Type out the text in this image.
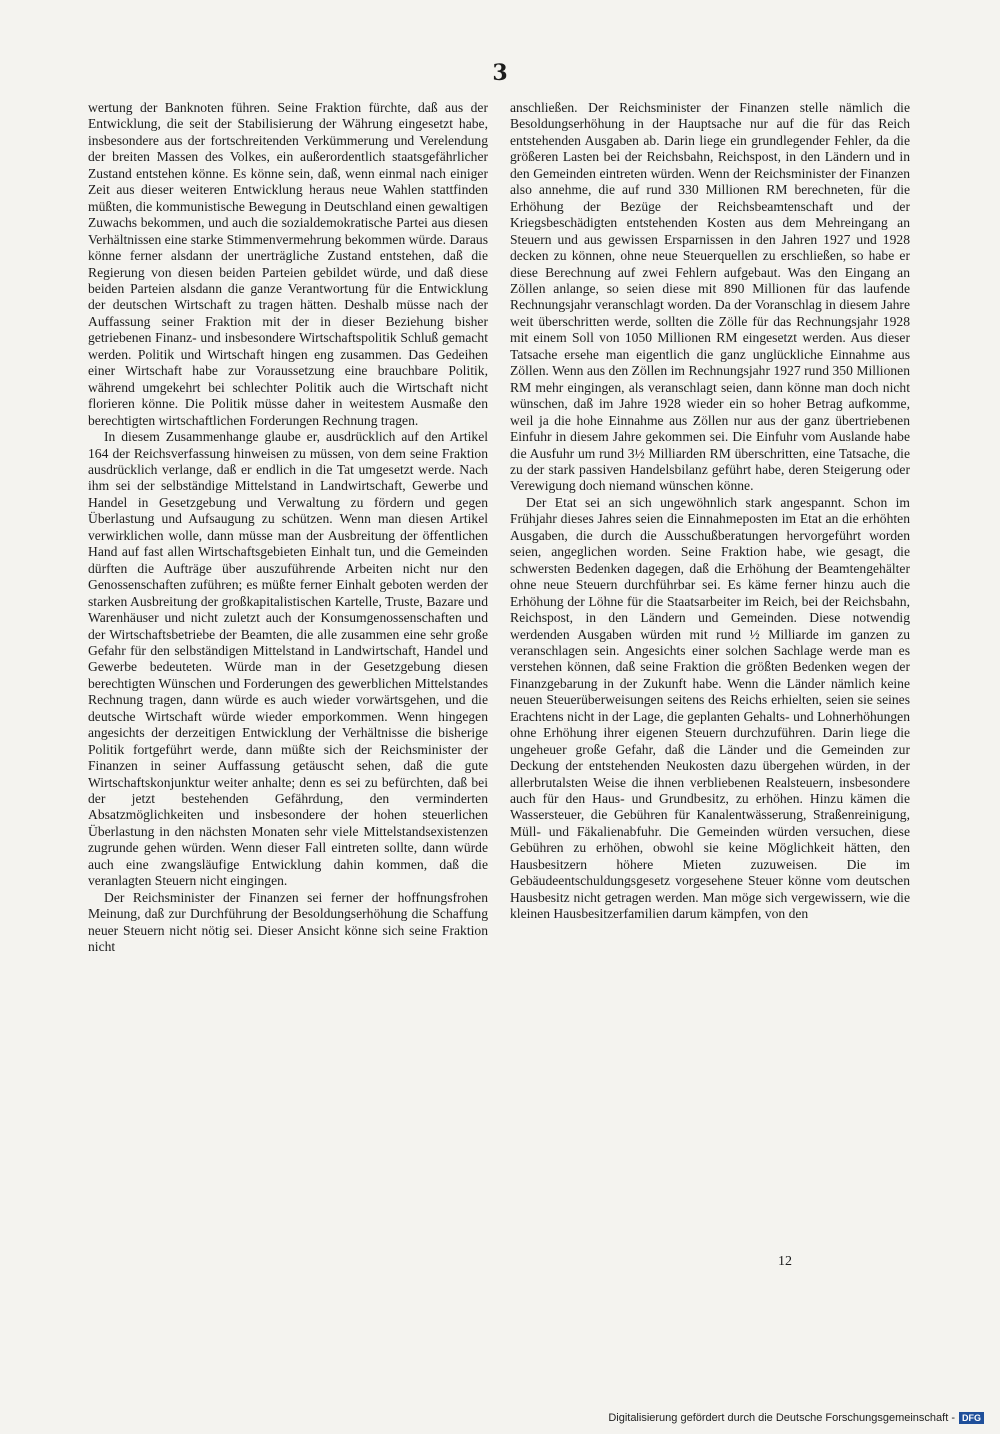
3

wertung der Banknoten führen. Seine Fraktion fürchte, daß aus der Entwicklung, die seit der Stabilisierung der Währung eingesetzt habe, insbesondere aus der fortschreitenden Verkümmerung und Verelendung der breiten Massen des Volkes, ein außerordentlich staatsgefährlicher Zustand entstehen könne. Es könne sein, daß, wenn einmal nach einiger Zeit aus dieser weiteren Entwicklung heraus neue Wahlen stattfinden müßten, die kommunistische Bewegung in Deutschland einen gewaltigen Zuwachs bekommen, und auch die sozialdemokratische Partei aus diesen Verhältnissen eine starke Stimmenvermehrung bekommen würde. Daraus könne ferner alsdann der unerträgliche Zustand entstehen, daß die Regierung von diesen beiden Parteien gebildet würde, und daß diese beiden Parteien alsdann die ganze Verantwortung für die Entwicklung der deutschen Wirtschaft zu tragen hätten. Deshalb müsse nach der Auffassung seiner Fraktion mit der in dieser Beziehung bisher getriebenen Finanz- und insbesondere Wirtschaftspolitik Schluß gemacht werden. Politik und Wirtschaft hingen eng zusammen. Das Gedeihen einer Wirtschaft habe zur Voraussetzung eine brauchbare Politik, während umgekehrt bei schlechter Politik auch die Wirtschaft nicht florieren könne. Die Politik müsse daher in weitestem Ausmaße den berechtigten wirtschaftlichen Forderungen Rechnung tragen.

In diesem Zusammenhange glaube er, ausdrücklich auf den Artikel 164 der Reichsverfassung hinweisen zu müssen, von dem seine Fraktion ausdrücklich verlange, daß er endlich in die Tat umgesetzt werde. Nach ihm sei der selbständige Mittelstand in Landwirtschaft, Gewerbe und Handel in Gesetzgebung und Verwaltung zu fördern und gegen Überlastung und Aufsaugung zu schützen. Wenn man diesen Artikel verwirklichen wolle, dann müsse man der Ausbreitung der öffentlichen Hand auf fast allen Wirtschaftsgebieten Einhalt tun, und die Gemeinden dürften die Aufträge über auszuführende Arbeiten nicht nur den Genossenschaften zuführen; es müßte ferner Einhalt geboten werden der starken Ausbreitung der großkapitalistischen Kartelle, Truste, Bazare und Warenhäuser und nicht zuletzt auch der Konsumgenossenschaften und der Wirtschaftsbetriebe der Beamten, die alle zusammen eine sehr große Gefahr für den selbständigen Mittelstand in Landwirtschaft, Handel und Gewerbe bedeuteten. Würde man in der Gesetzgebung diesen berechtigten Wünschen und Forderungen des gewerblichen Mittelstandes Rechnung tragen, dann würde es auch wieder vorwärtsgehen, und die deutsche Wirtschaft würde wieder emporkommen. Wenn hingegen angesichts der derzeitigen Entwicklung der Verhältnisse die bisherige Politik fortgeführt werde, dann müßte sich der Reichsminister der Finanzen in seiner Auffassung getäuscht sehen, daß die gute Wirtschaftskonjunktur weiter anhalte; denn es sei zu befürchten, daß bei der jetzt bestehenden Gefährdung, den verminderten Absatzmöglichkeiten und insbesondere der hohen steuerlichen Überlastung in den nächsten Monaten sehr viele Mittelstandsexistenzen zugrunde gehen würden. Wenn dieser Fall eintreten sollte, dann würde auch eine zwangsläufige Entwicklung dahin kommen, daß die veranlagten Steuern nicht eingingen.

Der Reichsminister der Finanzen sei ferner der hoffnungsfrohen Meinung, daß zur Durchführung der Besoldungserhöhung die Schaffung neuer Steuern nicht nötig sei. Dieser Ansicht könne sich seine Fraktion nicht

anschließen. Der Reichsminister der Finanzen stelle nämlich die Besoldungserhöhung in der Hauptsache nur auf die für das Reich entstehenden Ausgaben ab. Darin liege ein grundlegender Fehler, da die größeren Lasten bei der Reichsbahn, Reichspost, in den Ländern und in den Gemeinden eintreten würden. Wenn der Reichsminister der Finanzen also annehme, die auf rund 330 Millionen RM berechneten, für die Erhöhung der Bezüge der Reichsbeamtenschaft und der Kriegsbeschädigten entstehenden Kosten aus dem Mehreingang an Steuern und aus gewissen Ersparnissen in den Jahren 1927 und 1928 decken zu können, ohne neue Steuerquellen zu erschließen, so habe er diese Berechnung auf zwei Fehlern aufgebaut. Was den Eingang an Zöllen anlange, so seien diese mit 890 Millionen für das laufende Rechnungsjahr veranschlagt worden. Da der Voranschlag in diesem Jahre weit überschritten werde, sollten die Zölle für das Rechnungsjahr 1928 mit einem Soll von 1050 Millionen RM eingesetzt werden. Aus dieser Tatsache ersehe man eigentlich die ganz unglückliche Einnahme aus Zöllen. Wenn aus den Zöllen im Rechnungsjahr 1927 rund 350 Millionen RM mehr eingingen, als veranschlagt seien, dann könne man doch nicht wünschen, daß im Jahre 1928 wieder ein so hoher Betrag aufkomme, weil ja die hohe Einnahme aus Zöllen nur aus der ganz übertriebenen Einfuhr in diesem Jahre gekommen sei. Die Einfuhr vom Auslande habe die Ausfuhr um rund 3½ Milliarden RM überschritten, eine Tatsache, die zu der stark passiven Handelsbilanz geführt habe, deren Steigerung oder Verewigung doch niemand wünschen könne.

Der Etat sei an sich ungewöhnlich stark angespannt. Schon im Frühjahr dieses Jahres seien die Einnahmeposten im Etat an die erhöhten Ausgaben, die durch die Ausschußberatungen hervorgeführt worden seien, angeglichen worden. Seine Fraktion habe, wie gesagt, die schwersten Bedenken dagegen, daß die Erhöhung der Beamtengehälter ohne neue Steuern durchführbar sei. Es käme ferner hinzu auch die Erhöhung der Löhne für die Staatsarbeiter im Reich, bei der Reichsbahn, Reichspost, in den Ländern und Gemeinden. Diese notwendig werdenden Ausgaben würden mit rund ½ Milliarde im ganzen zu veranschlagen sein. Angesichts einer solchen Sachlage werde man es verstehen können, daß seine Fraktion die größten Bedenken wegen der Finanzgebarung in der Zukunft habe. Wenn die Länder nämlich keine neuen Steuerüberweisungen seitens des Reichs erhielten, seien sie seines Erachtens nicht in der Lage, die geplanten Gehalts- und Lohnerhöhungen ohne Erhöhung ihrer eigenen Steuern durchzuführen. Darin liege die ungeheuer große Gefahr, daß die Länder und die Gemeinden zur Deckung der entstehenden Neukosten dazu übergehen würden, in der allerbrutalsten Weise die ihnen verbliebenen Realsteuern, insbesondere auch für den Haus- und Grundbesitz, zu erhöhen. Hinzu kämen die Wassersteuer, die Gebühren für Kanalentwässerung, Straßenreinigung, Müll- und Fäkalienabfuhr. Die Gemeinden würden versuchen, diese Gebühren zu erhöhen, obwohl sie keine Möglichkeit hätten, den Hausbesitzern höhere Mieten zuzuweisen. Die im Gebäudeentschuldungsgesetz vorgesehene Steuer könne vom deutschen Hausbesitz nicht getragen werden. Man möge sich vergewissern, wie die kleinen Hausbesitzerfamilien darum kämpfen, von den

12
Digitalisierung gefördert durch die Deutsche Forschungsgemeinschaft - DFG
